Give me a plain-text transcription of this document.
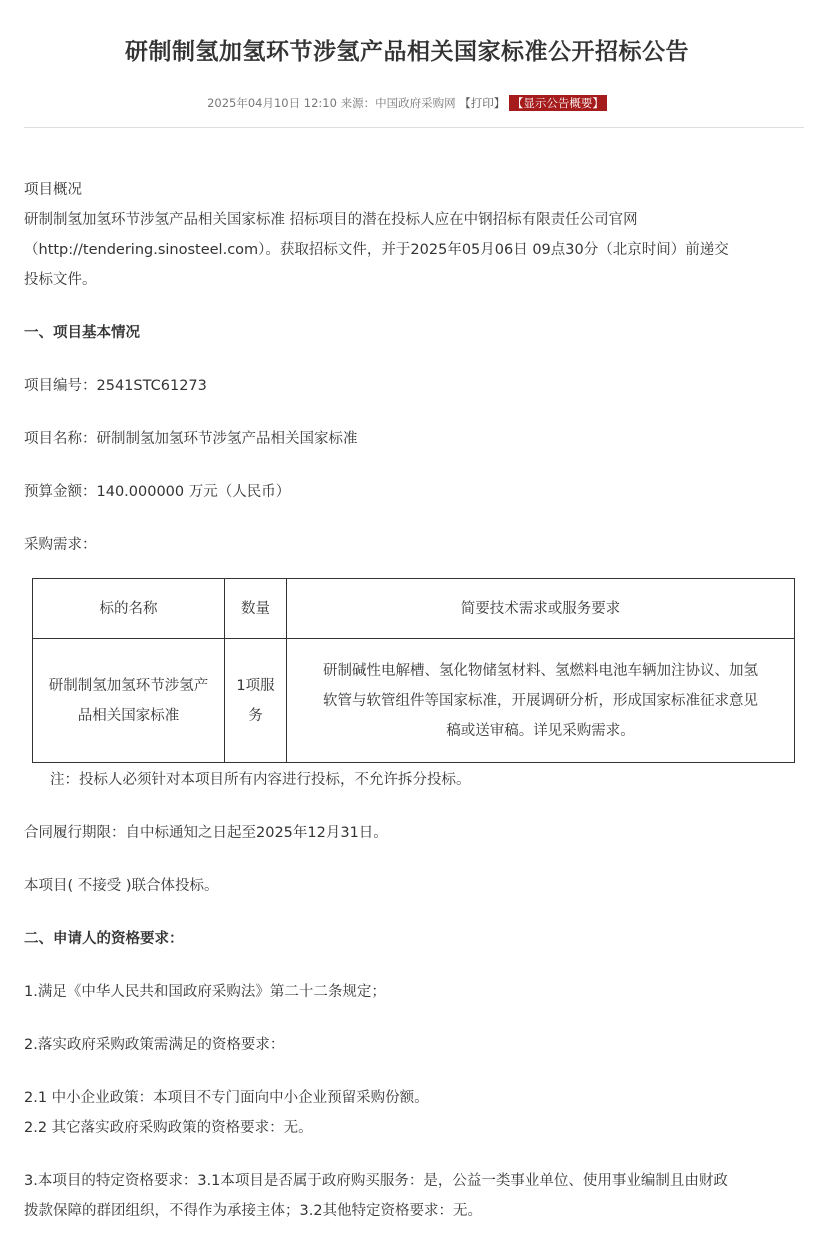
研制制氢加氢环节涉氢产品相关国家标准公开招标公告
2025年04月10日 12:10 来源：中国政府采购网 【打印】 【显示公告概要】
项目概况
研制制氢加氢环节涉氢产品相关国家标准 招标项目的潜在投标人应在中钢招标有限责任公司官网
（http://tendering.sinosteel.com）。获取招标文件，并于2025年05月06日 09点30分（北京时间）前递交
投标文件。
一、项目基本情况
项目编号：2541STC61273
项目名称：研制制氢加氢环节涉氢产品相关国家标准
预算金额：140.000000 万元（人民币）
采购需求：
标的名称	数量	简要技术需求或服务要求

研制制氢加氢环节涉氢产
品相关国家标准	1项服
务	研制碱性电解槽、氢化物储氢材料、氢燃料电池车辆加注协议、加氢
软管与软管组件等国家标准，开展调研分析，形成国家标准征求意见
稿或送审稿。详见采购需求。
注：投标人必须针对本项目所有内容进行投标，不允许拆分投标。
合同履行期限：自中标通知之日起至2025年12月31日。
本项目( 不接受 )联合体投标。
二、申请人的资格要求：
1.满足《中华人民共和国政府采购法》第二十二条规定；
2.落实政府采购政策需满足的资格要求：
2.1 中小企业政策：本项目不专门面向中小企业预留采购份额。
2.2 其它落实政府采购政策的资格要求：无。
3.本项目的特定资格要求：3.1本项目是否属于政府购买服务：是，公益一类事业单位、使用事业编制且由财政
拨款保障的群团组织，不得作为承接主体；3.2其他特定资格要求：无。
